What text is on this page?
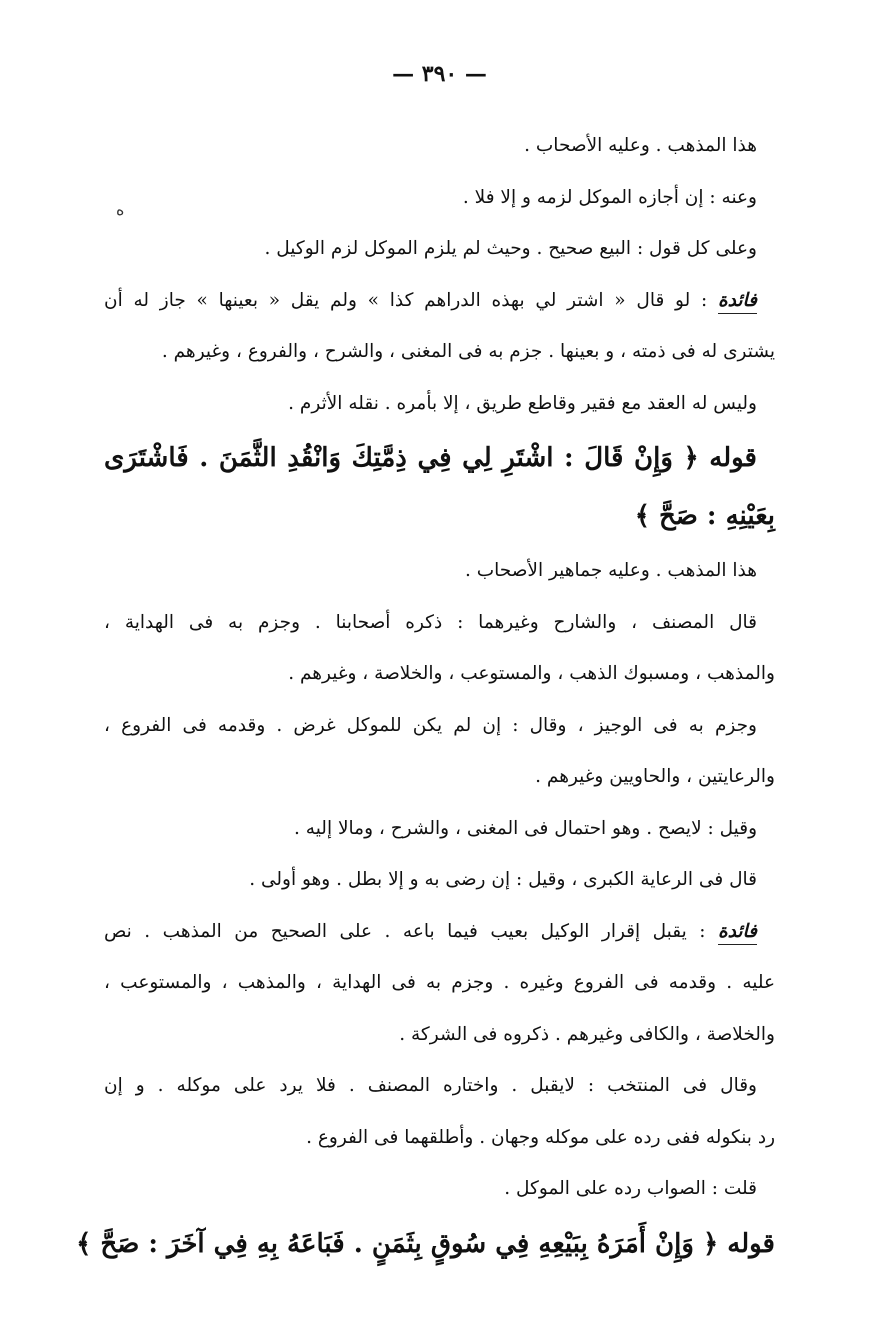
— ٣٩٠ —
هذا المذهب . وعليه الأصحاب .
وعنه : إن أجازه الموكل لزمه و إلا فلا .
وعلى كل قول : البيع صحيح . وحيث لم يلزم الموكل لزم الوكيل .
فائدة : لو قال « اشتر لي بهذه الدراهم كذا » ولم يقل « بعينها » جاز له أن
يشترى له فى ذمته ، و بعينها . جزم به فى المغنى ، والشرح ، والفروع ، وغيرهم .
وليس له العقد مع فقير وقاطع طريق ، إلا بأمره . نقله الأثرم .
قوله ﴿ وَإِنْ قَالَ : اشْتَرِ لِي فِي ذِمَّتِكَ وَانْقُدِ الثَّمَنَ . فَاشْتَرَى
بِعَيْنِهِ : صَحَّ ﴾
هذا المذهب . وعليه جماهير الأصحاب .
قال المصنف ، والشارح وغيرهما : ذكره أصحابنا . وجزم به فى الهداية ،
والمذهب ، ومسبوك الذهب ، والمستوعب ، والخلاصة ، وغيرهم .
وجزم به فى الوجيز ، وقال : إن لم يكن للموكل غرض . وقدمه فى الفروع ،
والرعايتين ، والحاويين وغيرهم .
وقيل : لايصح . وهو احتمال فى المغنى ، والشرح ، ومالا إليه .
قال فى الرعاية الكبرى ، وقيل : إن رضى به و إلا بطل . وهو أولى .
فائدة : يقبل إقرار الوكيل بعيب فيما باعه . على الصحيح من المذهب . نص
عليه . وقدمه فى الفروع وغيره . وجزم به فى الهداية ، والمذهب ، والمستوعب ،
والخلاصة ، والكافى وغيرهم . ذكروه فى الشركة .
وقال فى المنتخب : لايقبل . واختاره المصنف . فلا يرد على موكله . و إن
رد بنكوله ففى رده على موكله وجهان . وأطلقهما فى الفروع .
قلت : الصواب رده على الموكل .
قوله ﴿ وَإِنْ أَمَرَهُ بِبَيْعِهِ فِي سُوقٍ بِثَمَنٍ . فَبَاعَهُ بِهِ فِي آخَرَ : صَحَّ ﴾
ه
